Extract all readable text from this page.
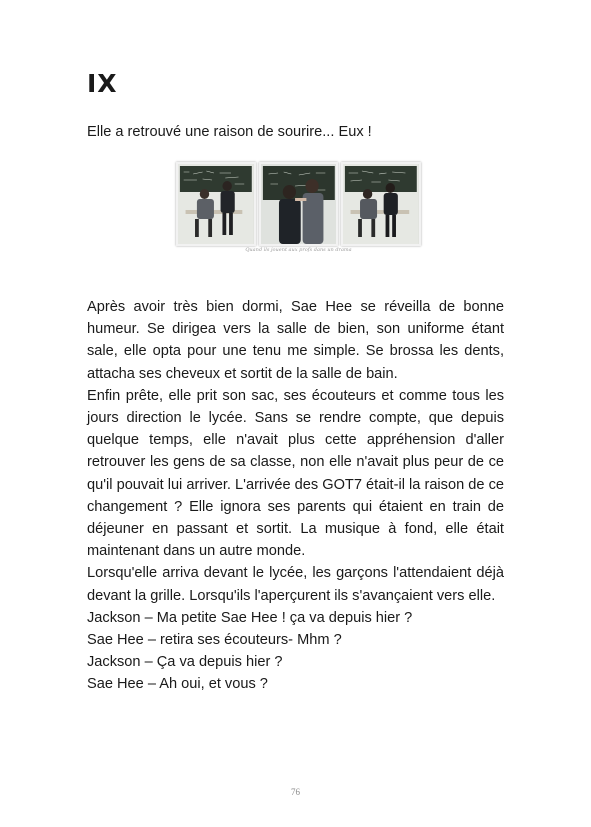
IX

Elle a retrouvé une raison de sourire... Eux !

Quand ils jouent aux profs dans un drama

Après avoir très bien dormi, Sae Hee se réveilla de bonne humeur. Se dirigea vers la salle de bien, son uniforme étant sale, elle opta pour une tenu me simple. Se brossa les dents, attacha ses cheveux et sortit de la salle de bain.

Enfin prête, elle prit son sac, ses écouteurs et comme tous les jours direction le lycée. Sans se rendre compte, que depuis quelque temps, elle n'avait plus cette appréhension d'aller retrouver les gens de sa classe, non elle n'avait plus peur de ce qu'il pouvait lui arriver. L'arrivée des GOT7 était-il la raison de ce changement ? Elle ignora ses parents qui étaient en train de déjeuner en passant et sortit. La musique à fond, elle était maintenant dans un autre monde.

Lorsqu'elle arriva devant le lycée, les garçons l'attendaient déjà devant la grille. Lorsqu'ils l'aperçurent ils s'avançaient vers elle.

Jackson – Ma petite Sae Hee ! ça va depuis hier ?

Sae Hee – retira ses écouteurs- Mhm ?

Jackson – Ça va depuis hier ?

Sae Hee – Ah oui, et vous ?

76
